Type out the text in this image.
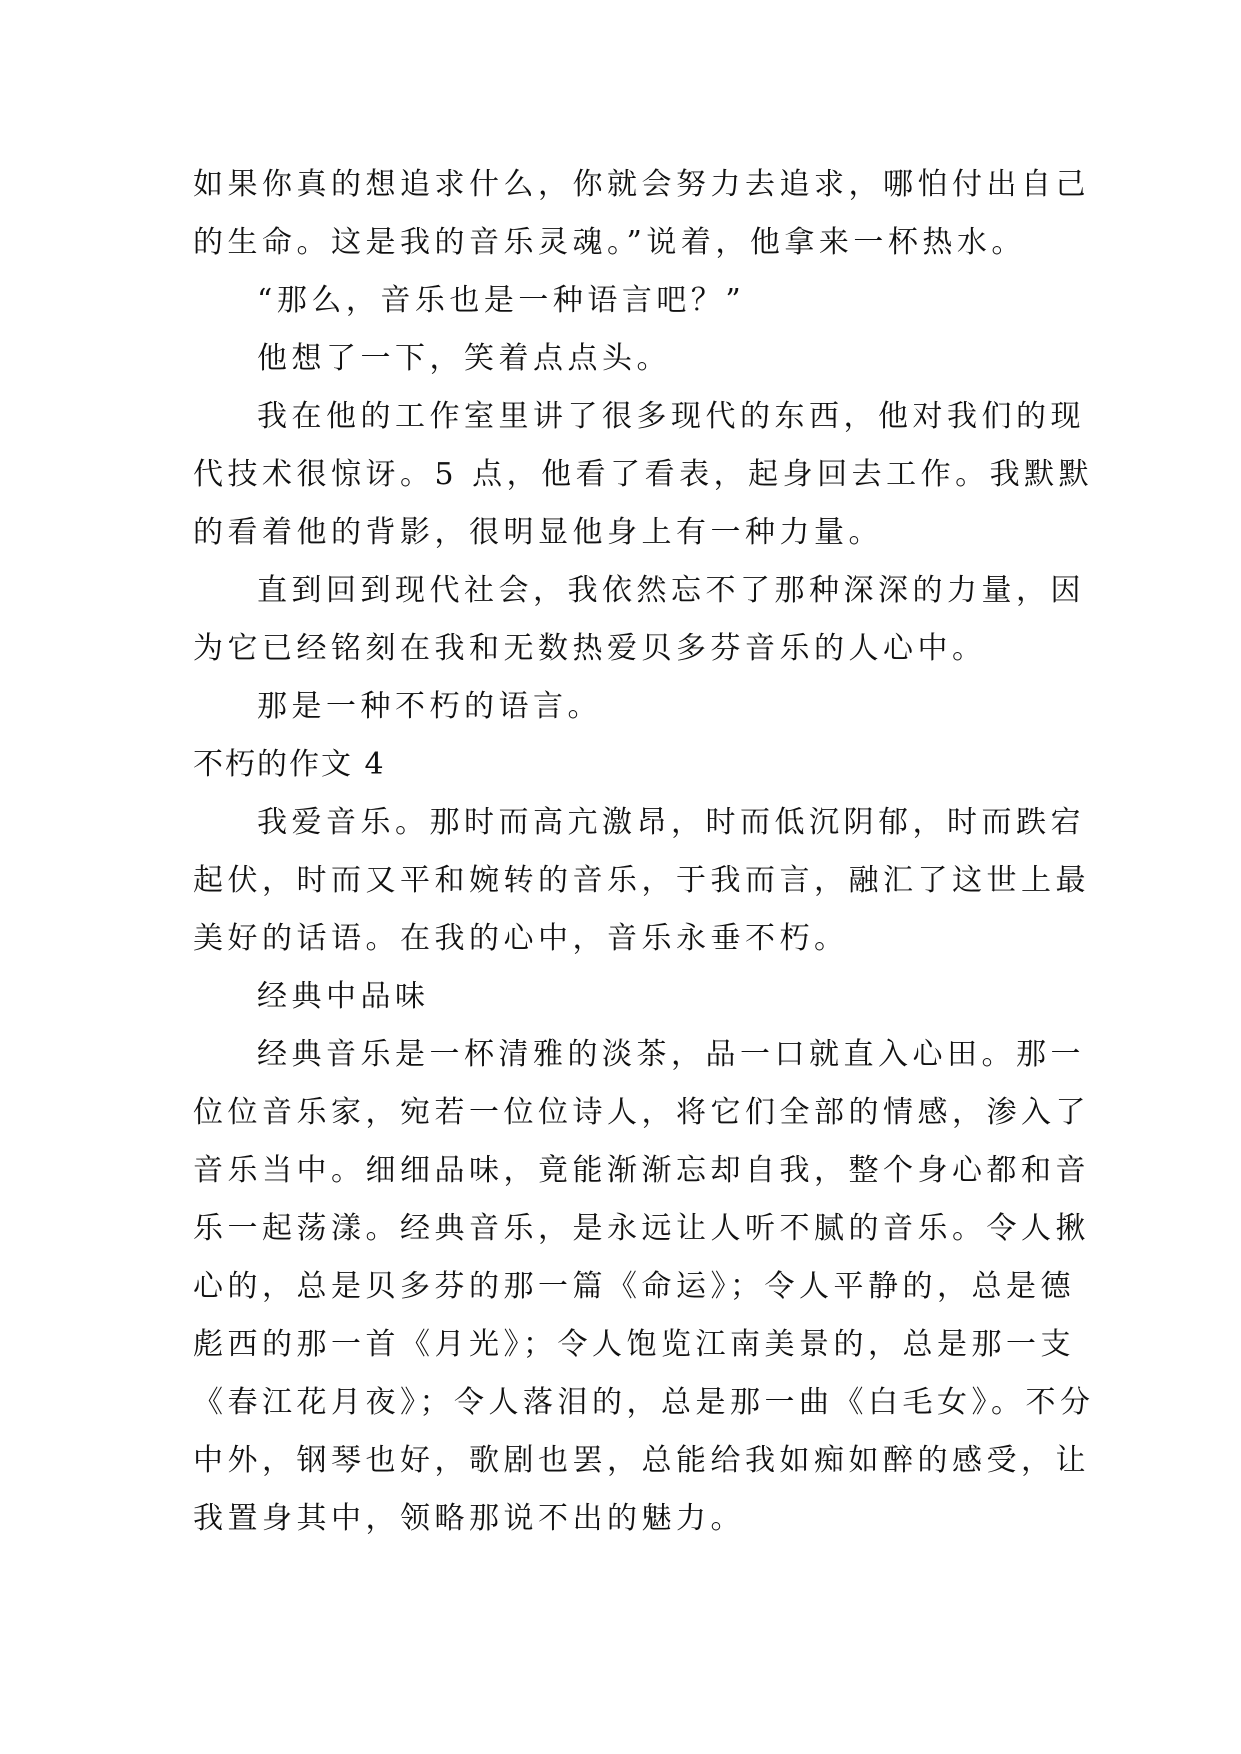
如果你真的想追求什么，你就会努力去追求，哪怕付出自己
的生命。这是我的音乐灵魂。”说着，他拿来一杯热水。
“那么，音乐也是一种语言吧？”
他想了一下，笑着点点头。
我在他的工作室里讲了很多现代的东西，他对我们的现
代技术很惊讶。5 点，他看了看表，起身回去工作。我默默
的看着他的背影，很明显他身上有一种力量。
直到回到现代社会，我依然忘不了那种深深的力量，因
为它已经铭刻在我和无数热爱贝多芬音乐的人心中。
那是一种不朽的语言。
不朽的作文 4
我爱音乐。那时而高亢激昂，时而低沉阴郁，时而跌宕
起伏，时而又平和婉转的音乐，于我而言，融汇了这世上最
美好的话语。在我的心中，音乐永垂不朽。
经典中品味
经典音乐是一杯清雅的淡茶，品一口就直入心田。那一
位位音乐家，宛若一位位诗人，将它们全部的情感，渗入了
音乐当中。细细品味，竟能渐渐忘却自我，整个身心都和音
乐一起荡漾。经典音乐，是永远让人听不腻的音乐。令人揪
心的，总是贝多芬的那一篇《命运》；令人平静的，总是德
彪西的那一首《月光》；令人饱览江南美景的，总是那一支
《春江花月夜》；令人落泪的，总是那一曲《白毛女》。不分
中外，钢琴也好，歌剧也罢，总能给我如痴如醉的感受，让
我置身其中，领略那说不出的魅力。
